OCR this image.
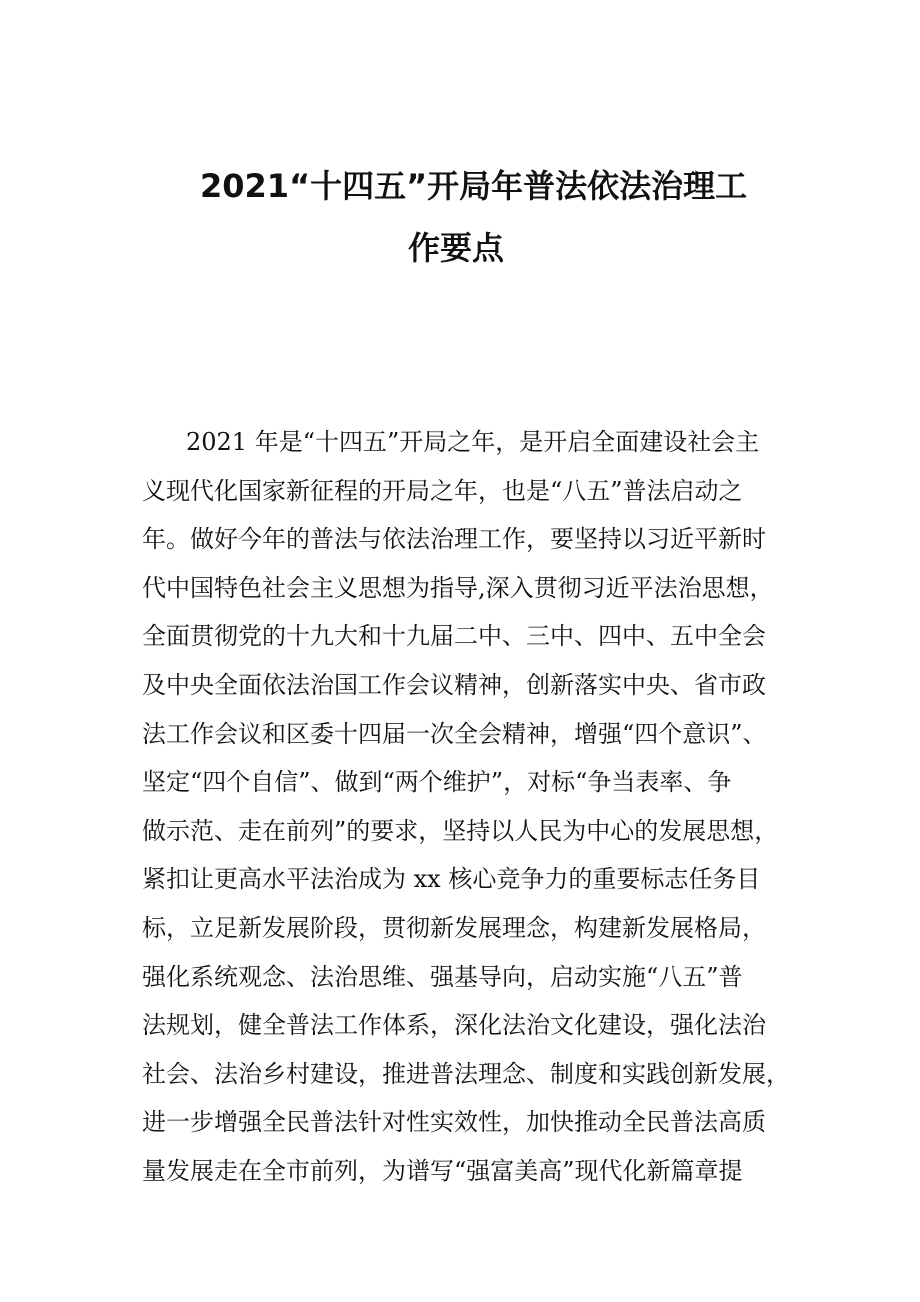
2021“十四五”开局年普法依法治理工
作要点
2021 年是“十四五”开局之年，是开启全面建设社会主
义现代化国家新征程的开局之年，也是“八五”普法启动之
年。做好今年的普法与依法治理工作，要坚持以习近平新时
代中国特色社会主义思想为指导,深入贯彻习近平法治思想，
全面贯彻党的十九大和十九届二中、三中、四中、五中全会
及中央全面依法治国工作会议精神，创新落实中央、省市政
法工作会议和区委十四届一次全会精神，增强“四个意识”、
坚定“四个自信”、做到“两个维护”，对标“争当表率、争
做示范、走在前列”的要求，坚持以人民为中心的发展思想，
紧扣让更高水平法治成为 xx 核心竞争力的重要标志任务目
标，立足新发展阶段，贯彻新发展理念，构建新发展格局，
强化系统观念、法治思维、强基导向，启动实施“八五”普
法规划，健全普法工作体系，深化法治文化建设，强化法治
社会、法治乡村建设，推进普法理念、制度和实践创新发展，
进一步增强全民普法针对性实效性，加快推动全民普法高质
量发展走在全市前列，为谱写“强富美高”现代化新篇章提
